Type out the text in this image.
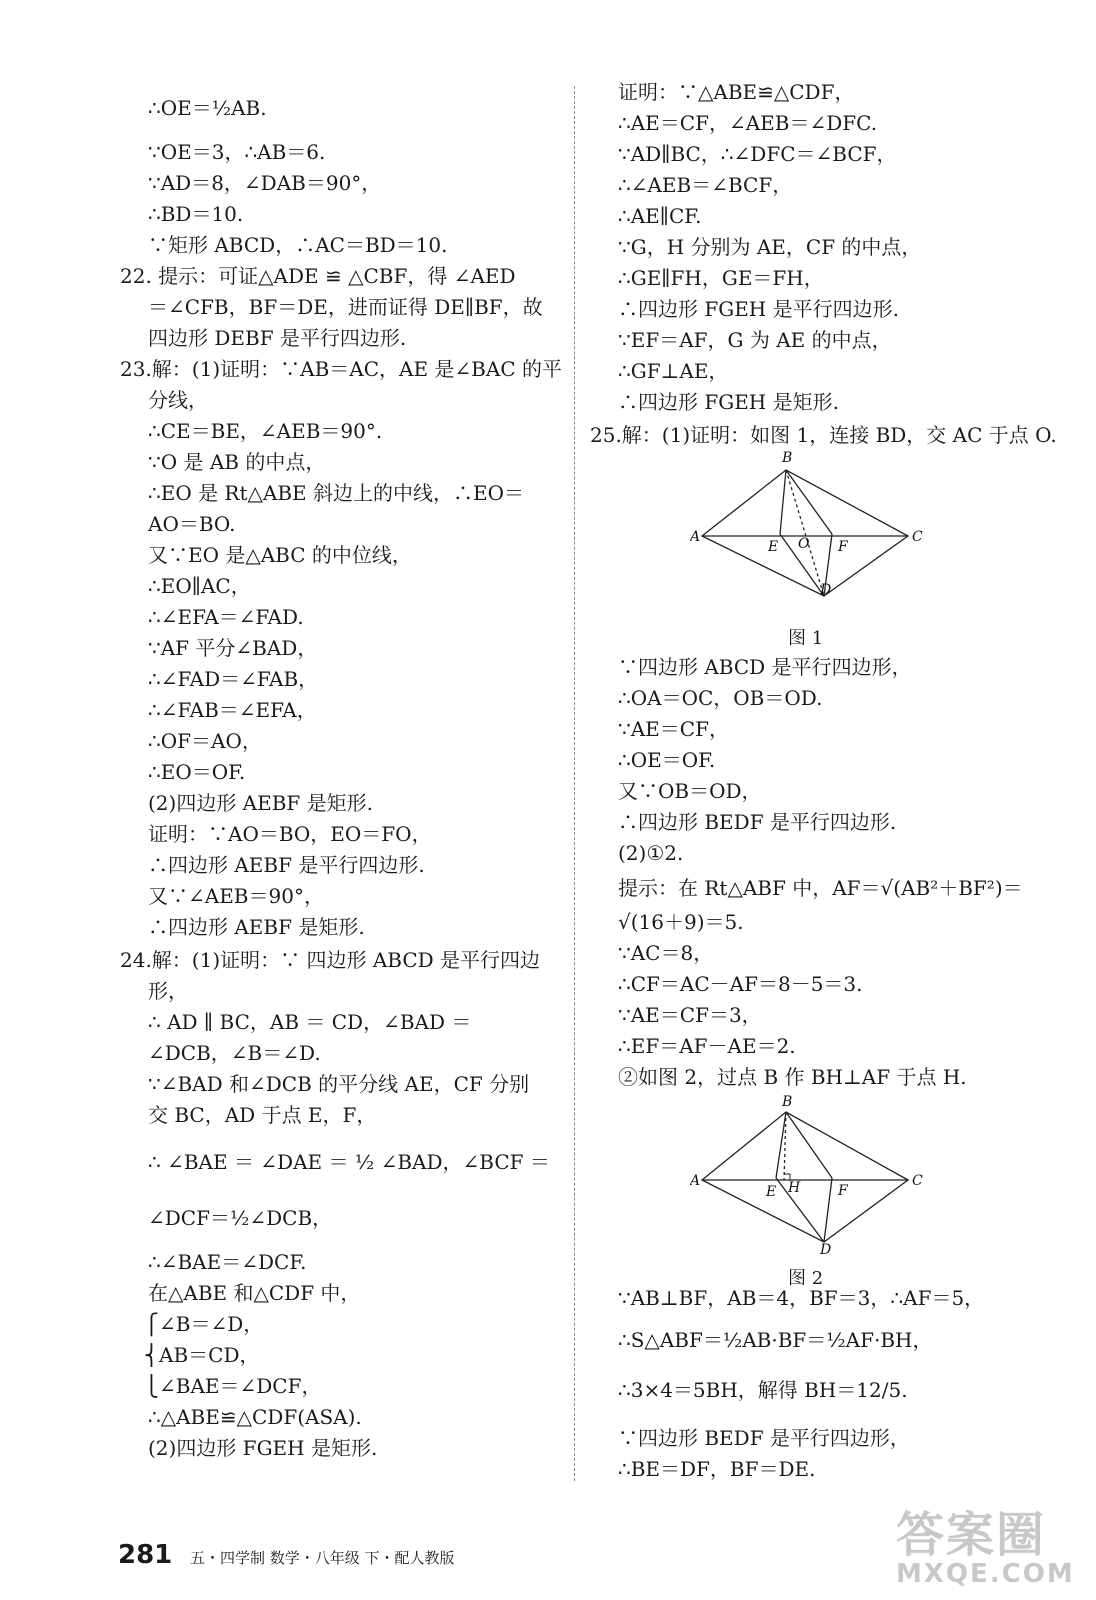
∴OE＝½AB.
∵OE＝3，∴AB＝6.
∵AD＝8，∠DAB＝90°，
∴BD＝10.
∵矩形 ABCD，∴AC＝BD＝10.
22. 提示：可证△ADE ≌ △CBF，得 ∠AED
＝∠CFB，BF＝DE，进而证得 DE∥BF，故
四边形 DEBF 是平行四边形.
23.解：(1)证明：∵AB＝AC，AE 是∠BAC 的平
分线，
∴CE＝BE，∠AEB＝90°.
∵O 是 AB 的中点，
∴EO 是 Rt△ABE 斜边上的中线，∴EO＝
AO＝BO.
又∵EO 是△ABC 的中位线，
∴EO∥AC，
∴∠EFA＝∠FAD.
∵AF 平分∠BAD，
∴∠FAD＝∠FAB，
∴∠FAB＝∠EFA，
∴OF＝AO，
∴EO＝OF.
(2)四边形 AEBF 是矩形.
证明：∵AO＝BO，EO＝FO，
∴四边形 AEBF 是平行四边形.
又∵∠AEB＝90°，
∴四边形 AEBF 是矩形.
24.解：(1)证明：∵ 四边形 ABCD 是平行四边
形，
∴ AD ∥ BC，AB ＝ CD，∠BAD ＝
∠DCB，∠B＝∠D.
∵∠BAD 和∠DCB 的平分线 AE，CF 分别
交 BC，AD 于点 E，F，
∴ ∠BAE ＝ ∠DAE ＝ ½ ∠BAD，∠BCF ＝
∠DCF＝½∠DCB，
∴∠BAE＝∠DCF.
在△ABE 和△CDF 中，
⎧∠B＝∠D，
⎨AB＝CD，
⎩∠BAE＝∠DCF，
∴△ABE≌△CDF(ASA).
(2)四边形 FGEH 是矩形.
证明：∵△ABE≌△CDF，
∴AE＝CF，∠AEB＝∠DFC.
∵AD∥BC，∴∠DFC＝∠BCF，
∴∠AEB＝∠BCF，
∴AE∥CF.
∵G，H 分别为 AE，CF 的中点，
∴GE∥FH，GE＝FH，
∴四边形 FGEH 是平行四边形.
∵EF＝AF，G 为 AE 的中点，
∴GF⊥AE，
∴四边形 FGEH 是矩形.
25.解：(1)证明：如图 1，连接 BD，交 AC 于点 O.
A
B
C
D
E O F
图 1
∵四边形 ABCD 是平行四边形，
∴OA＝OC，OB＝OD.
∵AE＝CF，
∴OE＝OF.
又∵OB＝OD，
∴四边形 BEDF 是平行四边形.
(2)①2.
提示：在 Rt△ABF 中，AF＝√(AB²＋BF²)＝
√(16＋9)＝5.
∵AC＝8，
∴CF＝AC－AF＝8－5＝3.
∵AE＝CF＝3，
∴EF＝AF－AE＝2.
②如图 2，过点 B 作 BH⊥AF 于点 H.
A
B
C
D
E H	F
图 2
∵AB⊥BF，AB＝4，BF＝3，∴AF＝5，
∴S△ABF＝½AB·BF＝½AF·BH，
∴3×4＝5BH，解得 BH＝12/5.
∵四边形 BEDF 是平行四边形，
∴BE＝DF，BF＝DE.
281 五・四学制 数学・八年级 下・配人教版	答案圈
MXQE.COM
